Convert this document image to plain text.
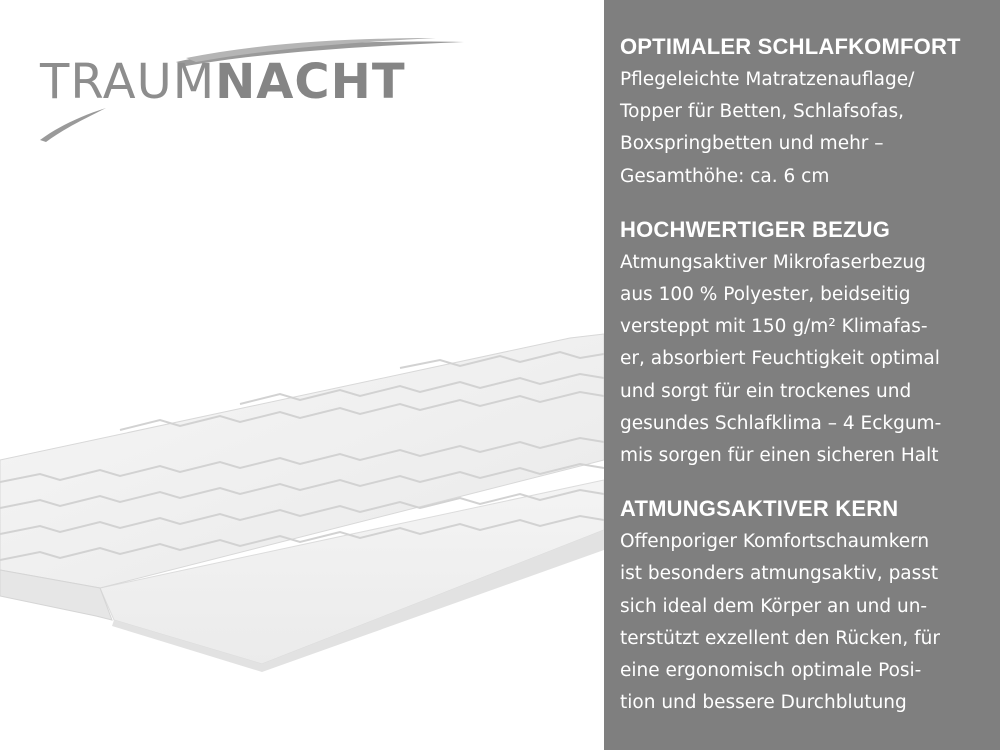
TRAUMNACHT
OPTIMALER SCHLAFKOMFORT

Pflegeleichte Matratzenauflage/
Topper für Betten, Schlafsofas,
Boxspringbetten und mehr –
Gesamthöhe: ca. 6 cm

HOCHWERTIGER BEZUG

Atmungsaktiver Mikrofaserbezug
aus 100 % Polyester, beidseitig
versteppt mit 150 g/m² Klimafas-
er, absorbiert Feuchtigkeit optimal
und sorgt für ein trockenes und
gesundes Schlafklima – 4 Eckgum-
mis sorgen für einen sicheren Halt

ATMUNGSAKTIVER KERN

Offenporiger Komfortschaumkern
ist besonders atmungsaktiv, passt
sich ideal dem Körper an und un-
terstützt exzellent den Rücken, für
eine ergonomisch optimale Posi-
tion und bessere Durchblutung
